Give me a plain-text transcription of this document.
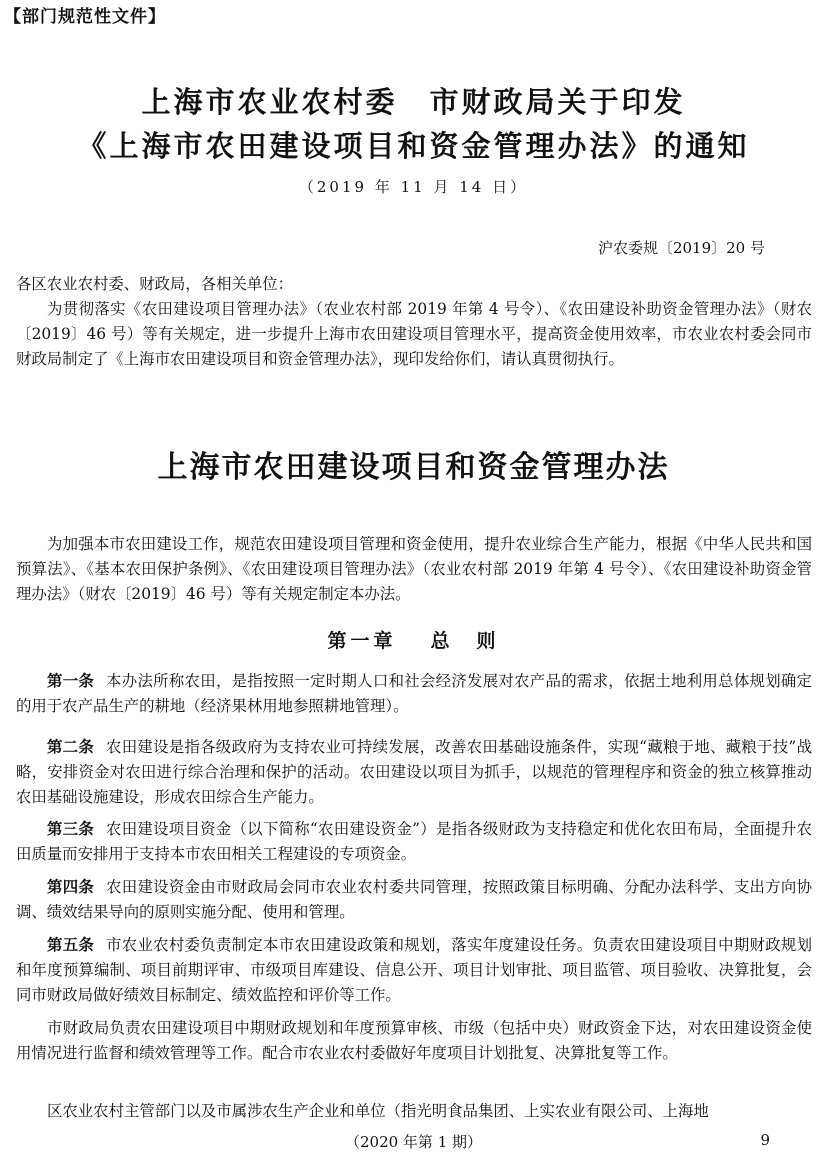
【部门规范性文件】
上海市农业农村委　市财政局关于印发
《上海市农田建设项目和资金管理办法》的通知
（2019 年 11 月 14 日）
沪农委规〔2019〕20 号

各区农业农村委、财政局，各相关单位：

为贯彻落实《农田建设项目管理办法》（农业农村部 2019 年第 4 号令）、《农田建设补助资金管理办法》（财农〔2019〕46 号）等有关规定，进一步提升上海市农田建设项目管理水平，提高资金使用效率，市农业农村委会同市财政局制定了《上海市农田建设项目和资金管理办法》，现印发给你们，请认真贯彻执行。

上海市农田建设项目和资金管理办法

为加强本市农田建设工作，规范农田建设项目管理和资金使用，提升农业综合生产能力，根据《中华人民共和国预算法》、《基本农田保护条例》、《农田建设项目管理办法》（农业农村部 2019 年第 4 号令）、《农田建设补助资金管理办法》（财农〔2019〕46 号）等有关规定制定本办法。

第一章 总　则

第一条 本办法所称农田，是指按照一定时期人口和社会经济发展对农产品的需求，依据土地利用总体规划确定的用于农产品生产的耕地（经济果林用地参照耕地管理）。

第二条 农田建设是指各级政府为支持农业可持续发展，改善农田基础设施条件，实现“藏粮于地、藏粮于技”战略，安排资金对农田进行综合治理和保护的活动。农田建设以项目为抓手，以规范的管理程序和资金的独立核算推动农田基础设施建设，形成农田综合生产能力。

第三条 农田建设项目资金（以下简称“农田建设资金”）是指各级财政为支持稳定和优化农田布局，全面提升农田质量而安排用于支持本市农田相关工程建设的专项资金。

第四条 农田建设资金由市财政局会同市农业农村委共同管理，按照政策目标明确、分配办法科学、支出方向协调、绩效结果导向的原则实施分配、使用和管理。

第五条 市农业农村委负责制定本市农田建设政策和规划，落实年度建设任务。负责农田建设项目中期财政规划和年度预算编制、项目前期评审、市级项目库建设、信息公开、项目计划审批、项目监管、项目验收、决算批复，会同市财政局做好绩效目标制定、绩效监控和评价等工作。

市财政局负责农田建设项目中期财政规划和年度预算审核、市级（包括中央）财政资金下达，对农田建设资金使用情况进行监督和绩效管理等工作。配合市农业农村委做好年度项目计划批复、决算批复等工作。

区农业农村主管部门以及市属涉农生产企业和单位（指光明食品集团、上实农业有限公司、上海地

（2020 年第 1 期）	9
